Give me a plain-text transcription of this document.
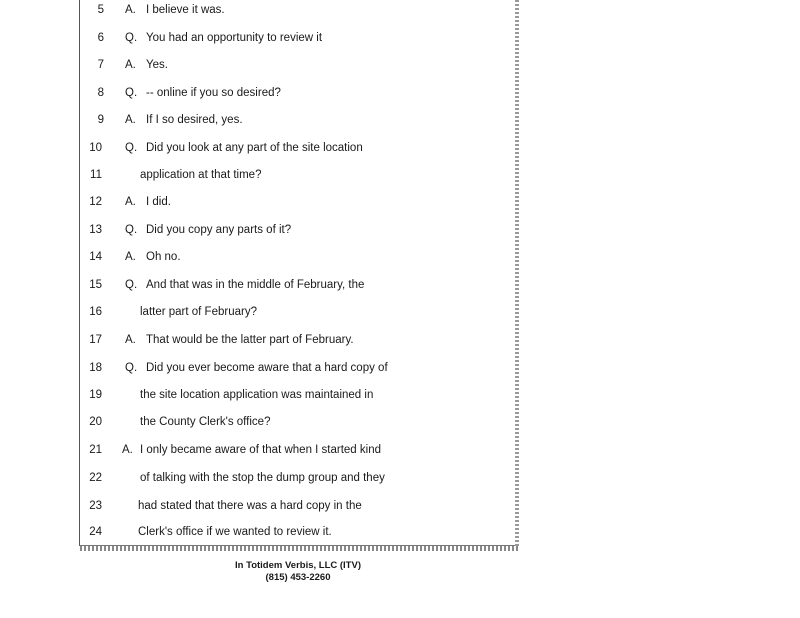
5 A. I believe it was.
6 Q. You had an opportunity to review it
7 A. Yes.
8 Q. -- online if you so desired?
9 A. If I so desired, yes.
10 Q. Did you look at any part of the site location
11	application at that time?
12 A. I did.
13 Q. Did you copy any parts of it?
14 A. Oh no.
15 Q. And that was in the middle of February, the
16	latter part of February?
17 A. That would be the latter part of February.
18 Q. Did you ever become aware that a hard copy of
19	the site location application was maintained in
20	the County Clerk's office?
21 A. I only became aware of that when I started kind
22	of talking with the stop the dump group and they
23	had stated that there was a hard copy in the
24	Clerk's office if we wanted to review it.
In Totidem Verbis, LLC (ITV)
(815) 453-2260
